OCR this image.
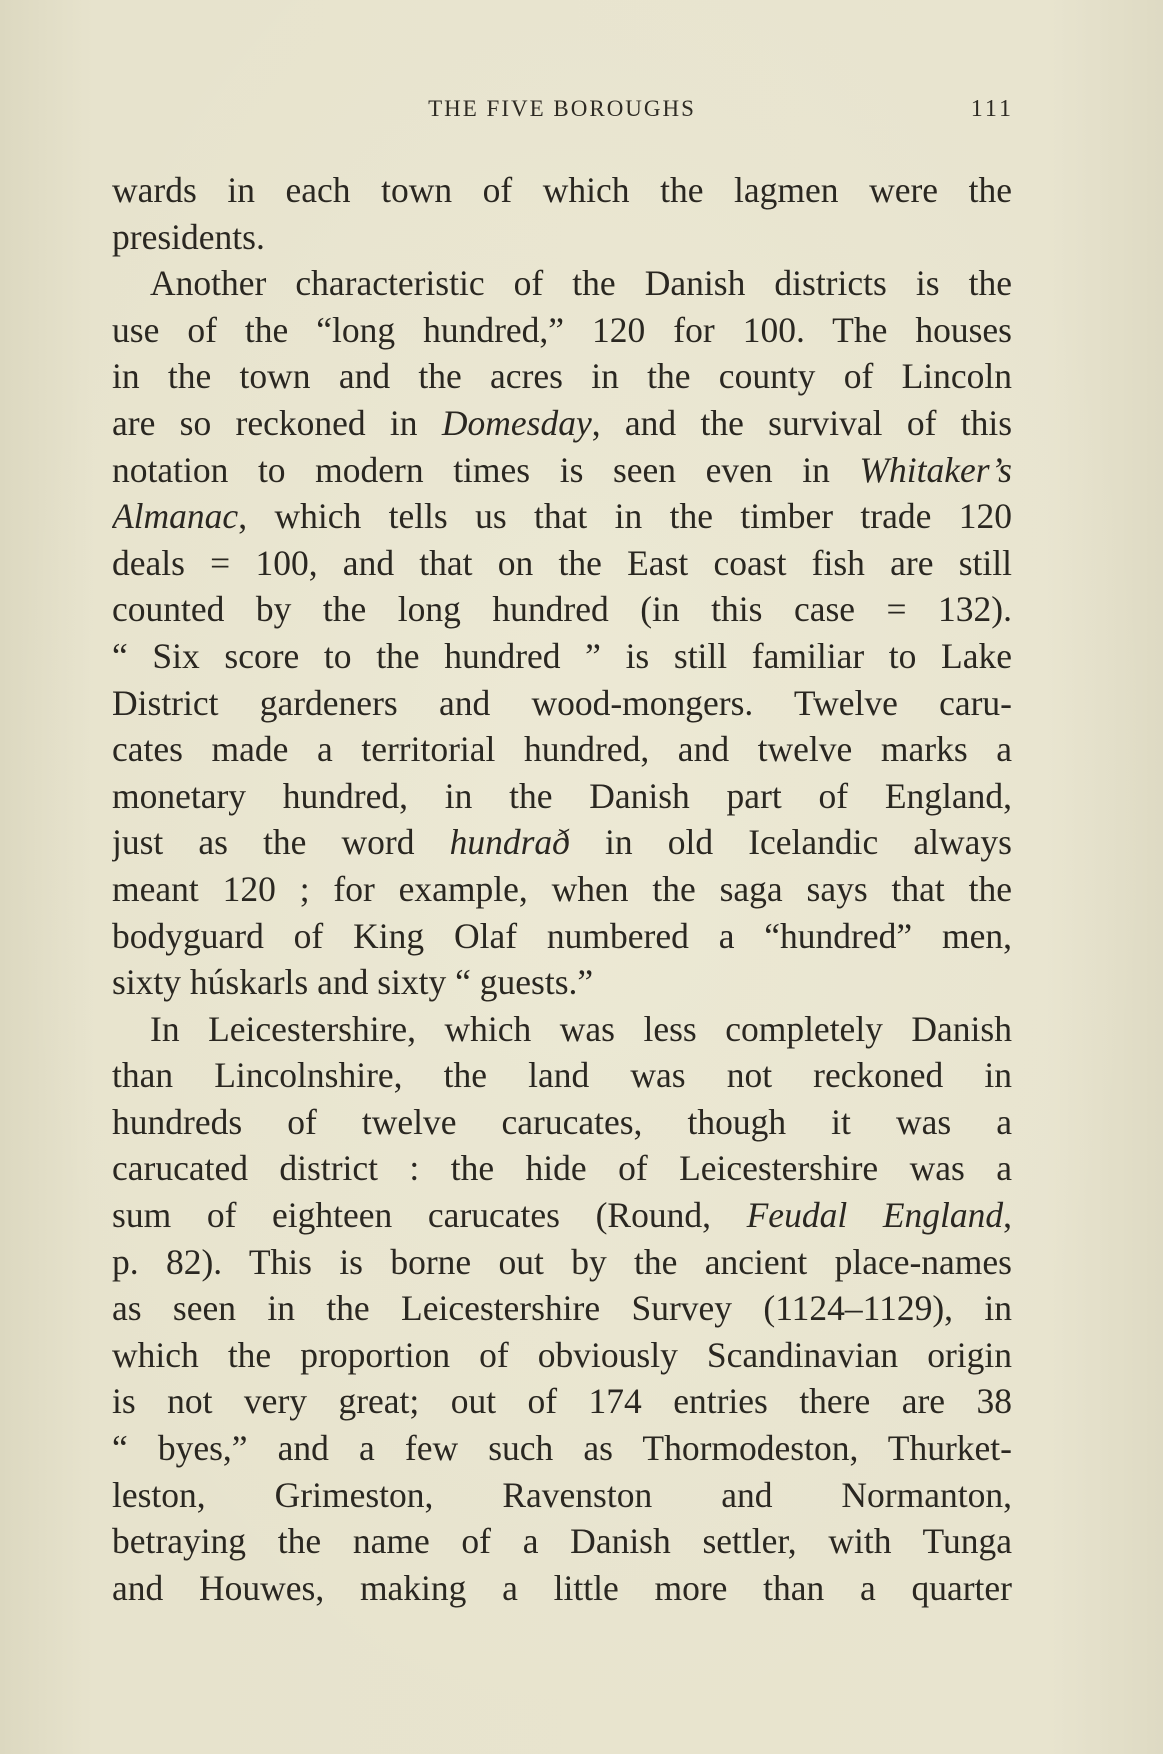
THE FIVE BOROUGHS	111

wards in each town of which the lagmen were the
presidents.

Another characteristic of the Danish districts is the
use of the “long hundred,” 120 for 100. The houses
in the town and the acres in the county of Lincoln
are so reckoned in Domesday, and the survival of this
notation to modern times is seen even in Whitaker’s
Almanac, which tells us that in the timber trade 120
deals = 100, and that on the East coast fish are still
counted by the long hundred (in this case = 132).
“ Six score to the hundred ” is still familiar to Lake
District gardeners and wood-mongers. Twelve caru-
cates made a territorial hundred, and twelve marks a
monetary hundred, in the Danish part of England,
just as the word hundrað in old Icelandic always
meant 120 ; for example, when the saga says that the
bodyguard of King Olaf numbered a “hundred” men,
sixty húskarls and sixty “ guests.”

In Leicestershire, which was less completely Danish
than Lincolnshire, the land was not reckoned in
hundreds of twelve carucates, though it was a
carucated district : the hide of Leicestershire was a
sum of eighteen carucates (Round, Feudal England,
p. 82). This is borne out by the ancient place-names
as seen in the Leicestershire Survey (1124–1129), in
which the proportion of obviously Scandinavian origin
is not very great; out of 174 entries there are 38
“ byes,” and a few such as Thormodeston, Thurket-
leston, Grimeston, Ravenston and Normanton,
betraying the name of a Danish settler, with Tunga
and Houwes, making a little more than a quarter
